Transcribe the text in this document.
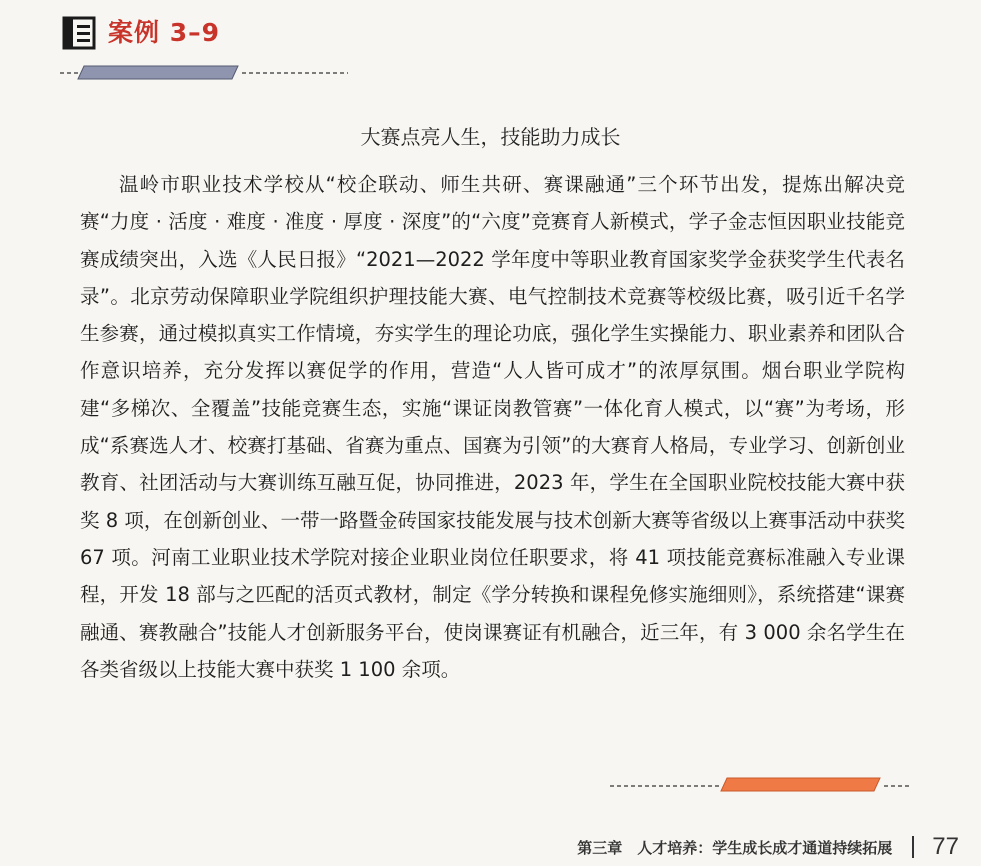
案例 3–9
大赛点亮人生，技能助力成长

温岭市职业技术学校从“校企联动、师生共研、赛课融通”三个环节出发，提炼出解决竞赛“力度 · 活度 · 难度 · 准度 · 厚度 · 深度”的“六度”竞赛育人新模式，学子金志恒因职业技能竞赛成绩突出，入选《人民日报》“2021—2022 学年度中等职业教育国家奖学金获奖学生代表名录”。北京劳动保障职业学院组织护理技能大赛、电气控制技术竞赛等校级比赛，吸引近千名学生参赛，通过模拟真实工作情境，夯实学生的理论功底，强化学生实操能力、职业素养和团队合作意识培养，充分发挥以赛促学的作用，营造“人人皆可成才”的浓厚氛围。烟台职业学院构建“多梯次、全覆盖”技能竞赛生态，实施“课证岗教管赛”一体化育人模式，以“赛”为考场，形成“系赛选人才、校赛打基础、省赛为重点、国赛为引领”的大赛育人格局，专业学习、创新创业教育、社团活动与大赛训练互融互促，协同推进，2023 年，学生在全国职业院校技能大赛中获奖 8 项，在创新创业、一带一路暨金砖国家技能发展与技术创新大赛等省级以上赛事活动中获奖 67 项。河南工业职业技术学院对接企业职业岗位任职要求，将 41 项技能竞赛标准融入专业课程，开发 18 部与之匹配的活页式教材，制定《学分转换和课程免修实施细则》，系统搭建“课赛融通、赛教融合”技能人才创新服务平台，使岗课赛证有机融合，近三年，有 3 000 余名学生在各类省级以上技能大赛中获奖 1 100 余项。

第三章　人才培养：学生成长成才通道持续拓展 77
